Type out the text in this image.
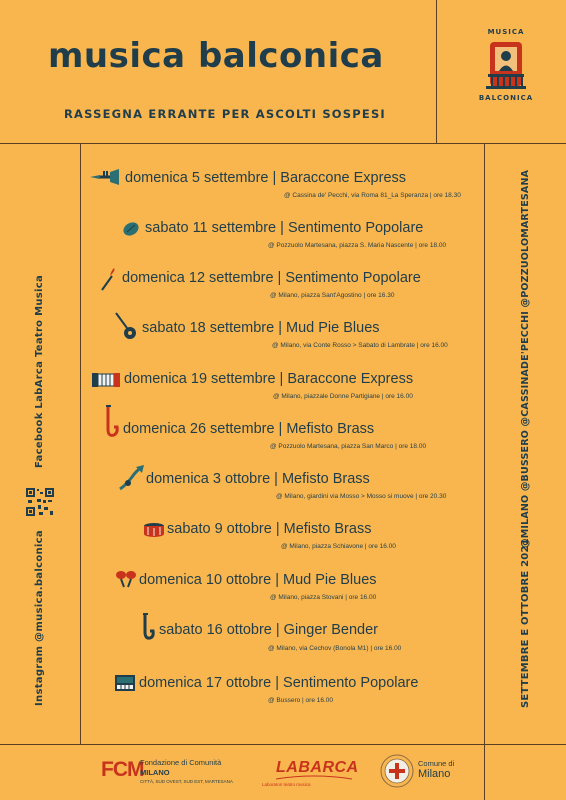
musica balconica
RASSEGNA ERRANTE PER ASCOLTI SOSPESI
MUSICA
BALCONICA
Instagram @musica.balconica
Facebook LabArca Teatro Musica
SETTEMBRE E OTTOBRE 2021
@MILANO @BUSSERO @CASSINADE'PECCHI @POZZUOLOMARTESANA
domenica 5 settembre | Baraccone Express
@ Cassina de' Pecchi, via Roma 81_La Speranza | ore 18.30
sabato 11 settembre | Sentimento Popolare
@ Pozzuolo Martesana, piazza S. Maria Nascente | ore 18.00
domenica 12 settembre | Sentimento Popolare
@ Milano, piazza Sant'Agostino | ore 16.30
sabato 18 settembre | Mud Pie Blues
@ Milano, via Conte Rosso > Sabato di Lambrate | ore 16.00
domenica 19 settembre | Baraccone Express
@ Milano, piazzale Donne Partigiane | ore 16.00
domenica 26 settembre | Mefisto Brass
@ Pozzuolo Martesana, piazza San Marco | ore 18.00
domenica 3 ottobre | Mefisto Brass
@ Milano, giardini via Mosso > Mosso si muove | ore 20.30
sabato 9 ottobre | Mefisto Brass
@ Milano, piazza Schiavone | ore 16.00
domenica 10 ottobre | Mud Pie Blues
@ Milano, piazza Stovani | ore 16.00
sabato 16 ottobre | Ginger Bender
@ Milano, via Cechov (Bonola M1) | ore 16.00
domenica 17 ottobre | Sentimento Popolare
@ Bussero | ore 16.00
FCM
Fondazione di Comunità
MILANO
CITTÀ, SUD OVEST, SUD EST, MARTESANA
LABARCA
Laboratori teatro musica
Comune di
Milano
